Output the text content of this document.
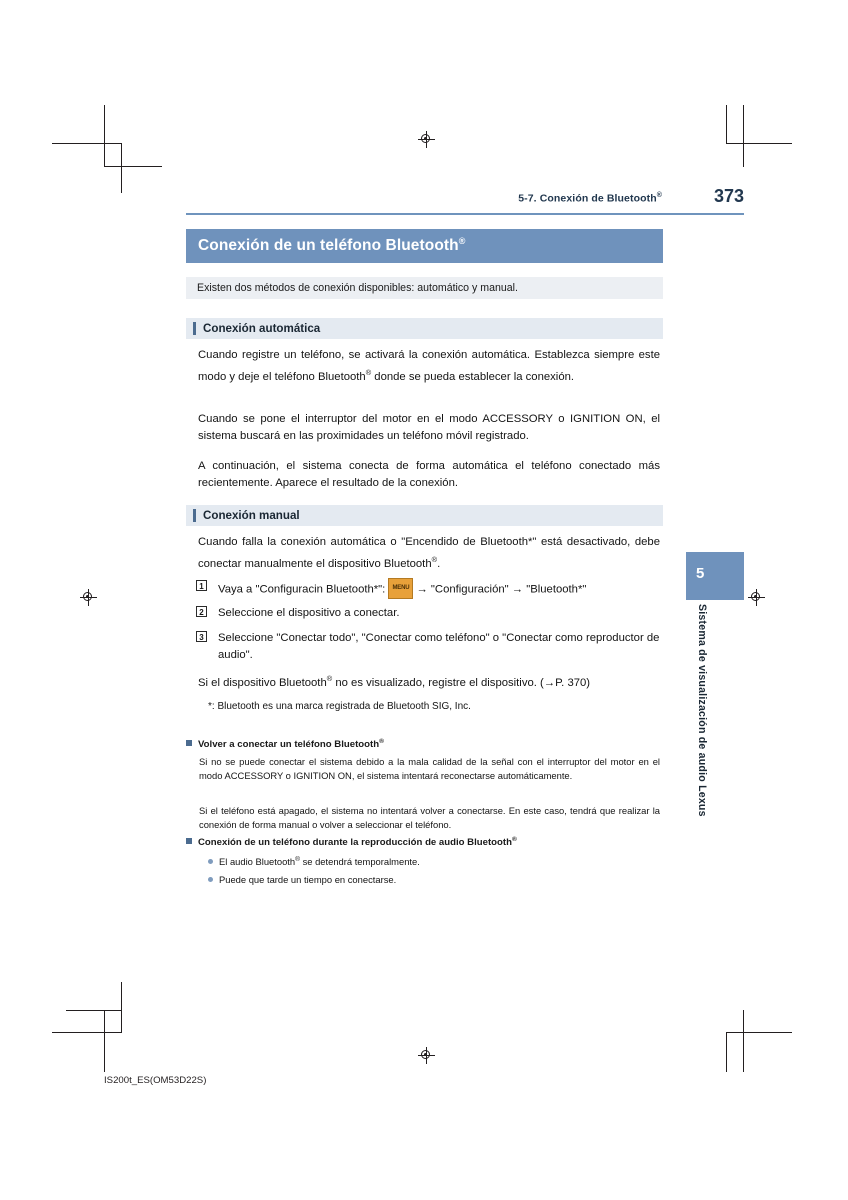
5-7. Conexión de Bluetooth®	373
Conexión de un teléfono Bluetooth®
Existen dos métodos de conexión disponibles: automático y manual.
Conexión automática

Cuando registre un teléfono, se activará la conexión automática. Establezca siempre este modo y deje el teléfono Bluetooth® donde se pueda establecer la conexión.

Cuando se pone el interruptor del motor en el modo ACCESSORY o IGNITION ON, el sistema buscará en las proximidades un teléfono móvil registrado.

A continuación, el sistema conecta de forma automática el teléfono conectado más recientemente. Aparece el resultado de la conexión.

Conexión manual

Cuando falla la conexión automática o "Encendido de Bluetooth*" está desactivado, debe conectar manualmente el dispositivo Bluetooth®.

1 Vaya a "Configuracin Bluetooth*": MENU → "Configuración" → "Bluetooth*"
2 Seleccione el dispositivo a conectar.
3 Seleccione "Conectar todo", "Conectar como teléfono" o "Conectar como reproductor de audio".
Si el dispositivo Bluetooth® no es visualizado, registre el dispositivo. (→P. 370)
*: Bluetooth es una marca registrada de Bluetooth SIG, Inc.
Volver a conectar un teléfono Bluetooth®

Si no se puede conectar el sistema debido a la mala calidad de la señal con el interruptor del motor en el modo ACCESSORY o IGNITION ON, el sistema intentará reconectarse automáticamente.

Si el teléfono está apagado, el sistema no intentará volver a conectarse. En este caso, tendrá que realizar la conexión de forma manual o volver a seleccionar el teléfono.

Conexión de un teléfono durante la reproducción de audio Bluetooth®
El audio Bluetooth® se detendrá temporalmente.
Puede que tarde un tiempo en conectarse.
5
Sistema de visualización de audio Lexus
IS200t_ES(OM53D22S)
